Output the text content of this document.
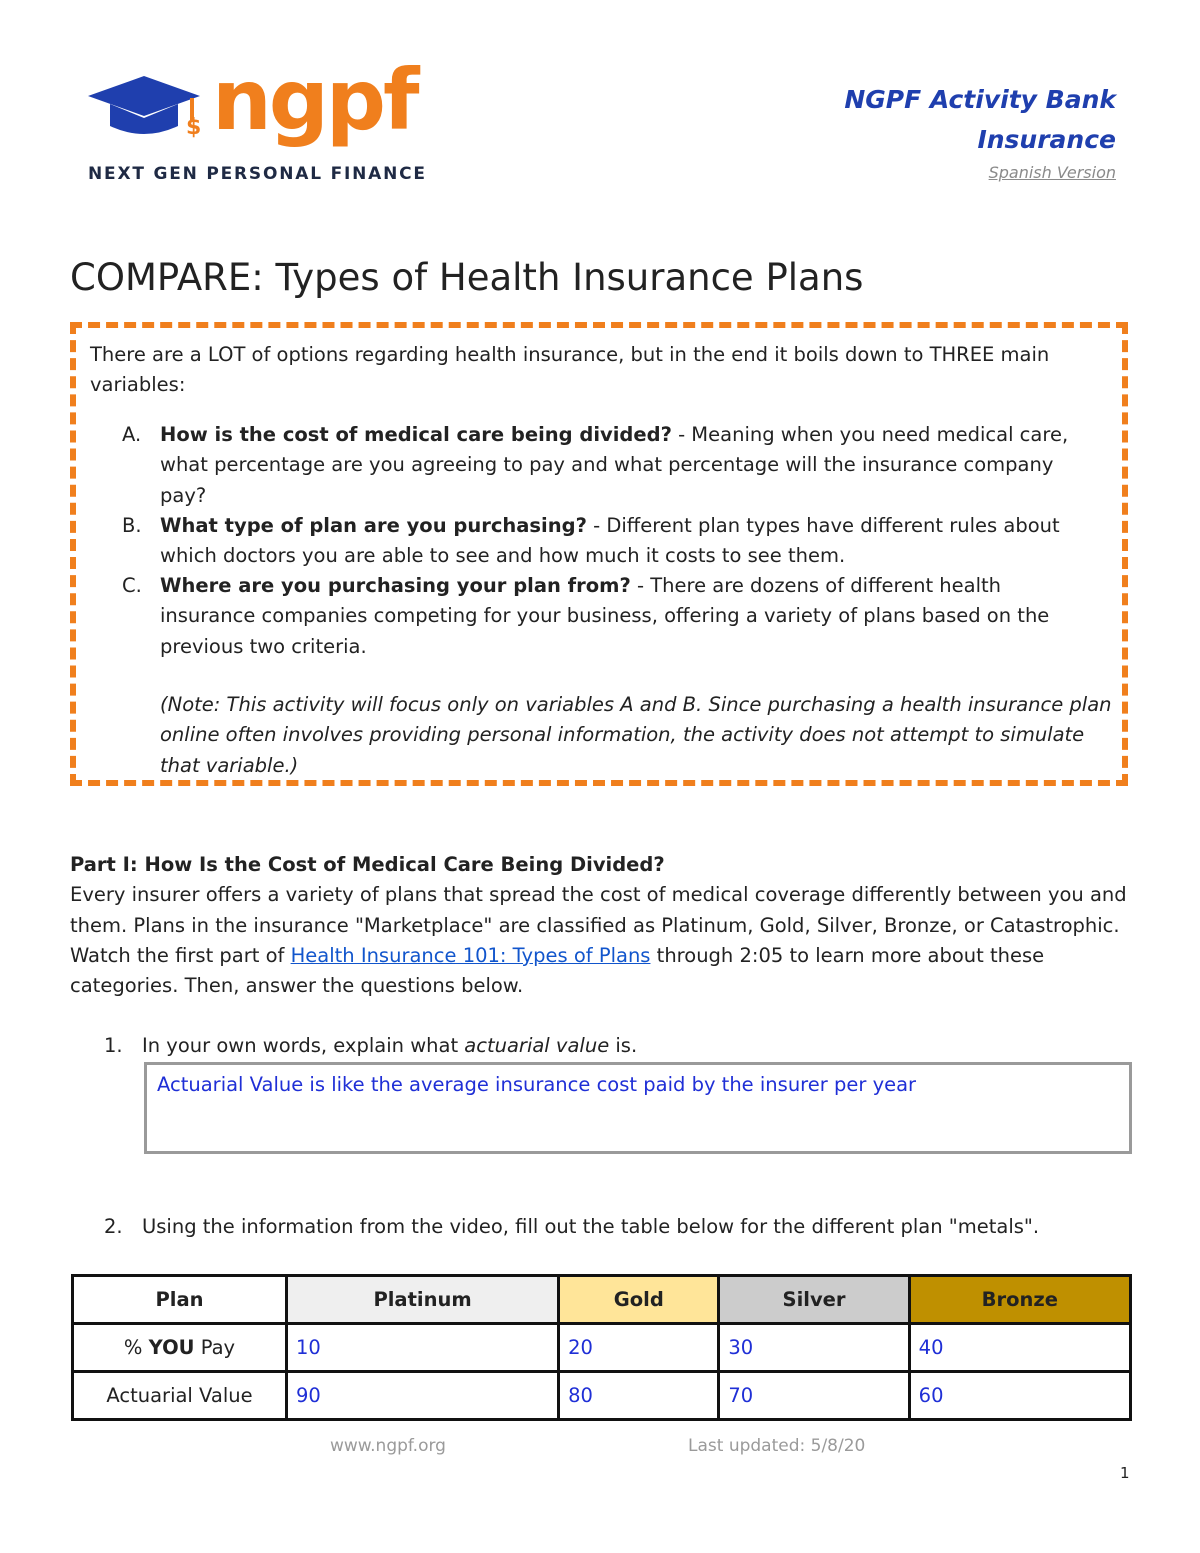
$ ngpf
NEXT GEN PERSONAL FINANCE
NGPF Activity Bank
Insurance
Spanish Version
COMPARE: Types of Health Insurance Plans
There are a LOT of options regarding health insurance, but in the end it boils down to THREE main variables:
A. How is the cost of medical care being divided? - Meaning when you need medical care, what percentage are you agreeing to pay and what percentage will the insurance company pay?
B. What type of plan are you purchasing? - Different plan types have different rules about which doctors you are able to see and how much it costs to see them.
C. Where are you purchasing your plan from? - There are dozens of different health insurance companies competing for your business, offering a variety of plans based on the previous two criteria.
(Note: This activity will focus only on variables A and B. Since purchasing a health insurance plan online often involves providing personal information, the activity does not attempt to simulate that variable.)
Part I: How Is the Cost of Medical Care Being Divided?
Every insurer offers a variety of plans that spread the cost of medical coverage differently between you and them. Plans in the insurance "Marketplace" are classified as Platinum, Gold, Silver, Bronze, or Catastrophic. Watch the first part of Health Insurance 101: Types of Plans through 2:05 to learn more about these categories. Then, answer the questions below.
1. In your own words, explain what actuarial value is.
Actuarial Value is like the average insurance cost paid by the insurer per year
2. Using the information from the video, fill out the table below for the different plan "metals".
Plan	Platinum	Gold	Silver	Bronze
% YOU Pay	10	20	30	40
Actuarial Value	90	80	70	60
www.ngpf.org	Last updated: 5/8/20
1
